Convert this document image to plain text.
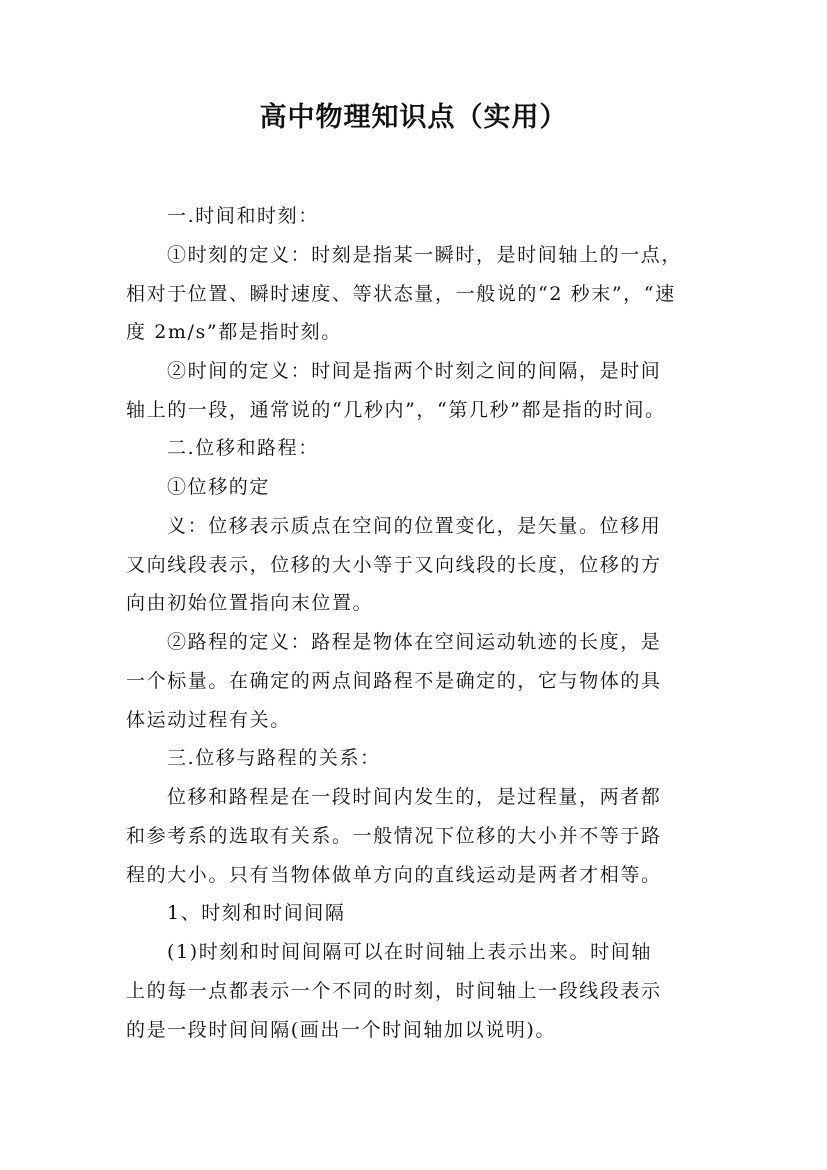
高中物理知识点（实用）
一.时间和时刻：
①时刻的定义：时刻是指某一瞬时，是时间轴上的一点，
相对于位置、瞬时速度、等状态量，一般说的“2 秒末”，“速
度 2m/s”都是指时刻。
②时间的定义：时间是指两个时刻之间的间隔，是时间
轴上的一段，通常说的“几秒内”，“第几秒”都是指的时间。
二.位移和路程：
①位移的定
义：位移表示质点在空间的位置变化，是矢量。位移用
又向线段表示，位移的大小等于又向线段的长度，位移的方
向由初始位置指向末位置。
②路程的定义：路程是物体在空间运动轨迹的长度，是
一个标量。在确定的两点间路程不是确定的，它与物体的具
体运动过程有关。
三.位移与路程的关系：
位移和路程是在一段时间内发生的，是过程量，两者都
和参考系的选取有关系。一般情况下位移的大小并不等于路
程的大小。只有当物体做单方向的直线运动是两者才相等。
1、时刻和时间间隔
(1)时刻和时间间隔可以在时间轴上表示出来。时间轴
上的每一点都表示一个不同的时刻，时间轴上一段线段表示
的是一段时间间隔(画出一个时间轴加以说明)。
